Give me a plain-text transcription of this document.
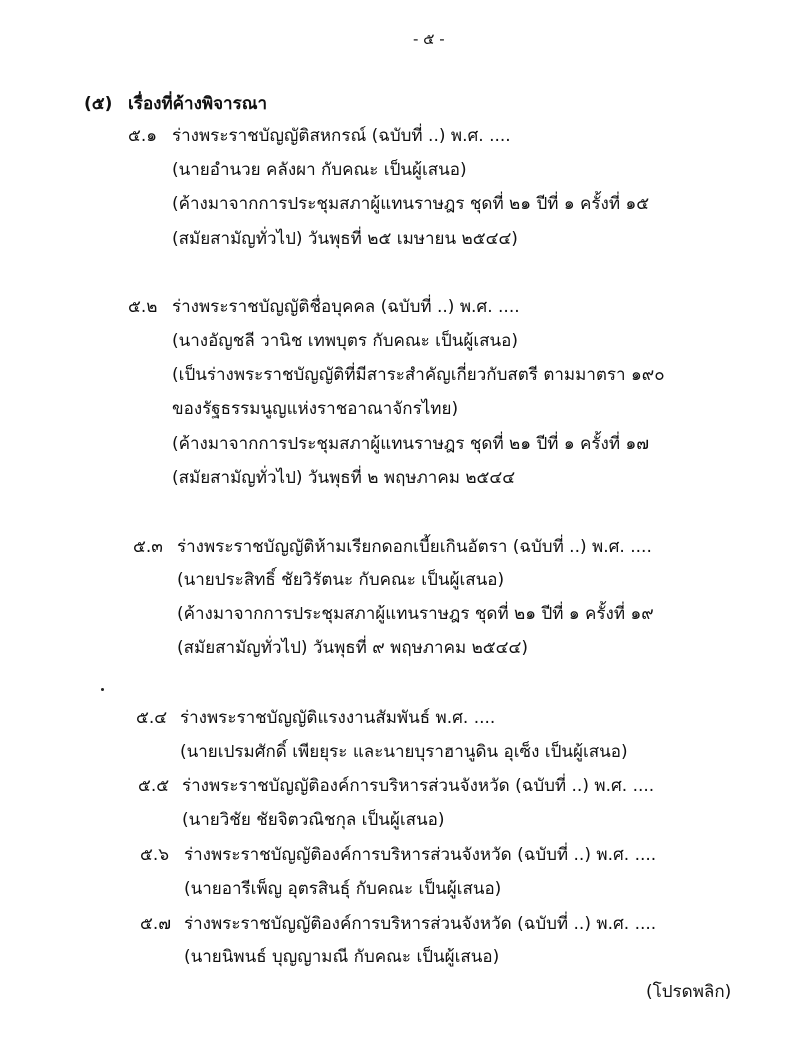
- ๕ -
(๕) เรื่องที่ค้างพิจารณา
๕.๑ ร่างพระราชบัญญัติสหกรณ์ (ฉบับที่ ..) พ.ศ. ....
(นายอำนวย คลังผา กับคณะ เป็นผู้เสนอ)
(ค้างมาจากการประชุมสภาผู้แทนราษฎร ชุดที่ ๒๑ ปีที่ ๑ ครั้งที่ ๑๕
(สมัยสามัญทั่วไป) วันพุธที่ ๒๕ เมษายน ๒๕๔๔)
๕.๒ ร่างพระราชบัญญัติชื่อบุคคล (ฉบับที่ ..) พ.ศ. ....
(นางอัญชลี วานิช เทพบุตร กับคณะ เป็นผู้เสนอ)
(เป็นร่างพระราชบัญญัติที่มีสาระสำคัญเกี่ยวกับสตรี ตามมาตรา ๑๙๐
ของรัฐธรรมนูญแห่งราชอาณาจักรไทย)
(ค้างมาจากการประชุมสภาผู้แทนราษฎร ชุดที่ ๒๑ ปีที่ ๑ ครั้งที่ ๑๗
(สมัยสามัญทั่วไป) วันพุธที่ ๒ พฤษภาคม ๒๕๔๔
๕.๓ ร่างพระราชบัญญัติห้ามเรียกดอกเบี้ยเกินอัตรา (ฉบับที่ ..) พ.ศ. ....
(นายประสิทธิ์ ชัยวิรัตนะ กับคณะ เป็นผู้เสนอ)
(ค้างมาจากการประชุมสภาผู้แทนราษฎร ชุดที่ ๒๑ ปีที่ ๑ ครั้งที่ ๑๙
(สมัยสามัญทั่วไป) วันพุธที่ ๙ พฤษภาคม ๒๕๔๔)
๕.๔ ร่างพระราชบัญญัติแรงงานสัมพันธ์ พ.ศ. ....
(นายเปรมศักดิ์ เพียยุระ และนายบุราฮานูดิน อุเซ็ง เป็นผู้เสนอ)
๕.๕ ร่างพระราชบัญญัติองค์การบริหารส่วนจังหวัด (ฉบับที่ ..) พ.ศ. ....
(นายวิชัย ชัยจิตวณิชกุล เป็นผู้เสนอ)
๕.๖ ร่างพระราชบัญญัติองค์การบริหารส่วนจังหวัด (ฉบับที่ ..) พ.ศ. ....
(นายอารีเพ็ญ อุตรสินธุ์ กับคณะ เป็นผู้เสนอ)
๕.๗ ร่างพระราชบัญญัติองค์การบริหารส่วนจังหวัด (ฉบับที่ ..) พ.ศ. ....
(นายนิพนธ์ บุญญามณี กับคณะ เป็นผู้เสนอ)
(โปรดพลิก)
